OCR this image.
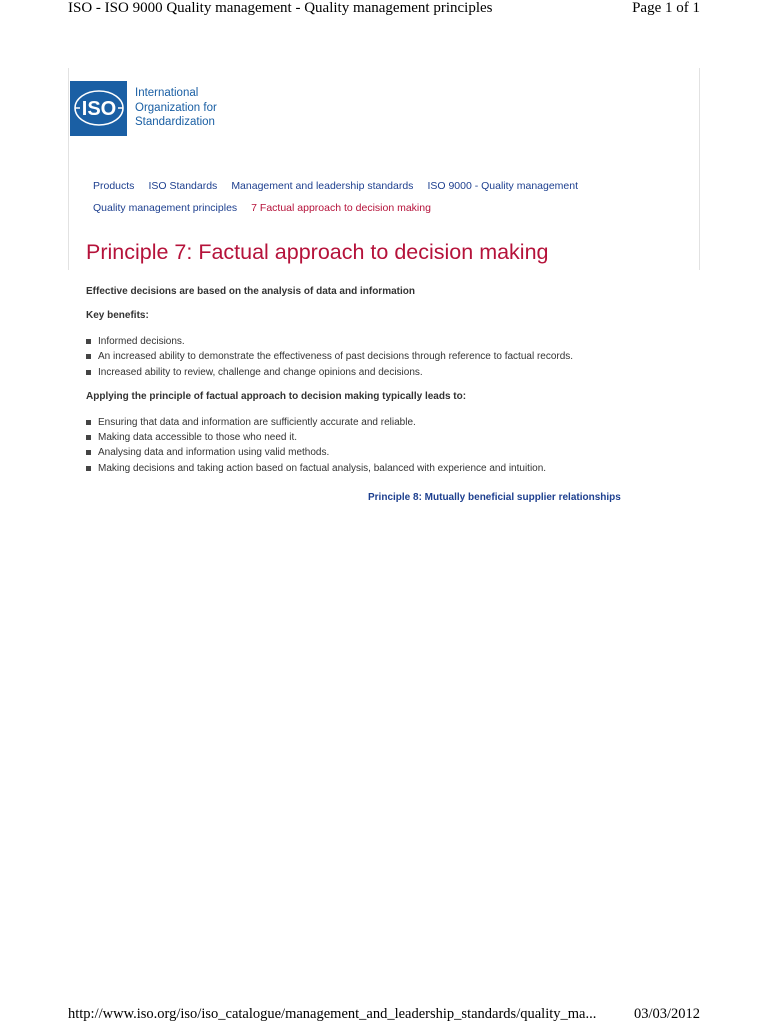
ISO - ISO 9000 Quality management - Quality management principles	Page 1 of 1
ISO
International
Organization for
Standardization
Products ISO Standards Management and leadership standards ISO 9000 - Quality management
Quality management principles 7 Factual approach to decision making
Principle 7: Factual approach to decision making

Effective decisions are based on the analysis of data and information

Key benefits:

Informed decisions.
An increased ability to demonstrate the effectiveness of past decisions through reference to factual records.
Increased ability to review, challenge and change opinions and decisions.

Applying the principle of factual approach to decision making typically leads to:

Ensuring that data and information are sufficiently accurate and reliable.
Making data accessible to those who need it.
Analysing data and information using valid methods.
Making decisions and taking action based on factual analysis, balanced with experience and intuition.
Principle 8: Mutually beneficial supplier relationships
http://www.iso.org/iso/iso_catalogue/management_and_leadership_standards/quality_ma...	03/03/2012
